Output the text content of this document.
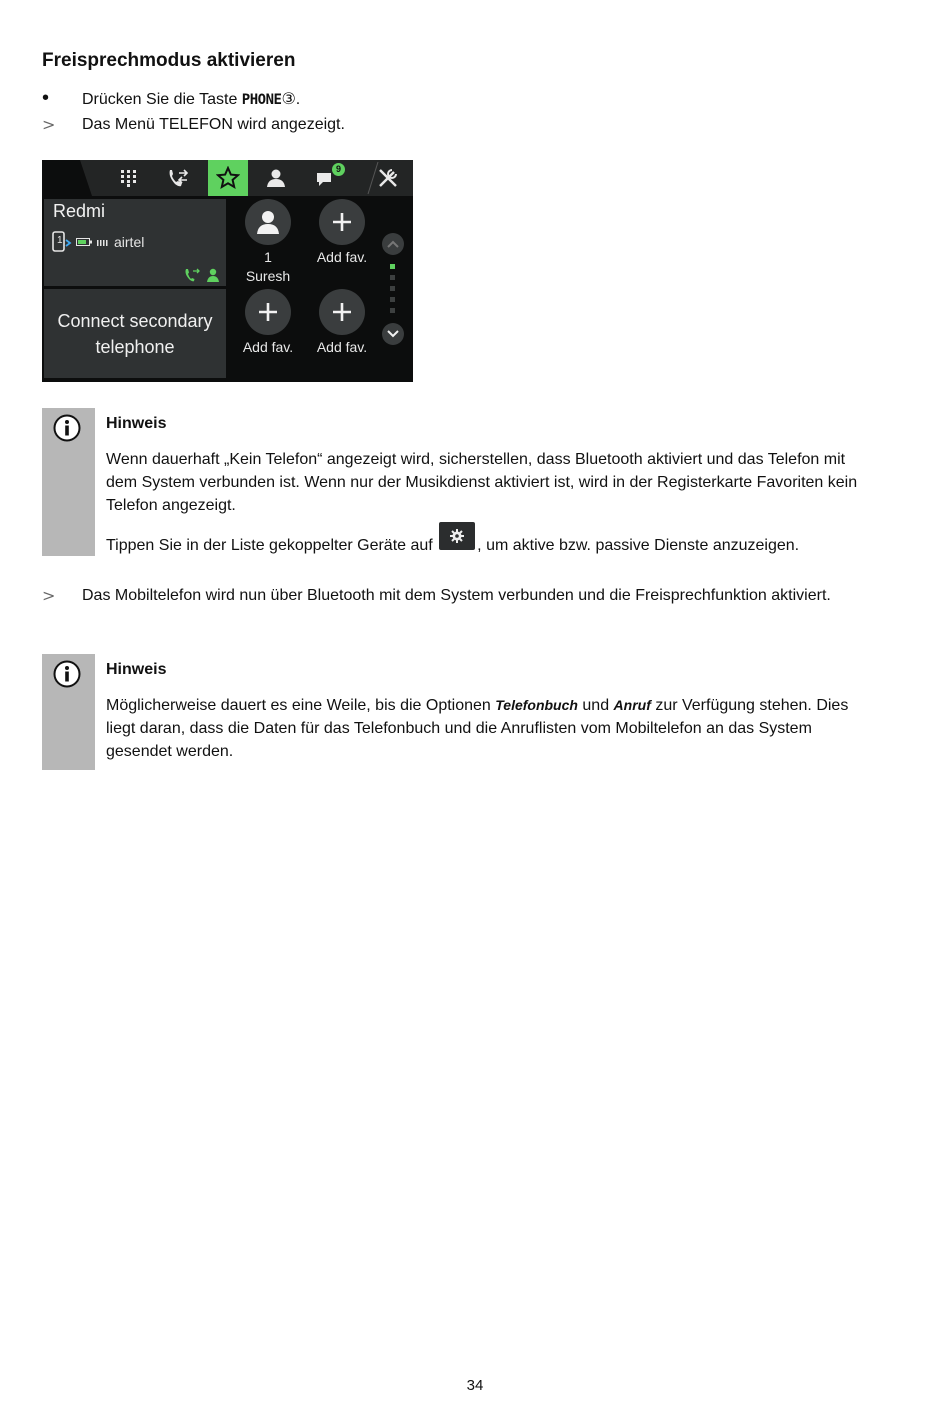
Freisprechmodus aktivieren
•	Drücken Sie die Taste PHONE③.
>	Das Menü TELEFON wird angezeigt.
9
Redmi
airtel
1
Connect secondary telephone
1
Suresh
Add fav.
Add fav.	Add fav.
Hinweis

Wenn dauerhaft „Kein Telefon“ angezeigt wird, sicherstellen, dass Bluetooth aktiviert und das Telefon mit dem System verbunden ist. Wenn nur der Musikdienst aktiviert ist, wird in der Registerkarte Favoriten kein Telefon angezeigt.

Tippen Sie in der Liste gekoppelter Geräte auf	, um aktive bzw. passive Dienste anzuzeigen.

>	Das Mobiltelefon wird nun über Bluetooth mit dem System verbunden und die Freisprechfunktion aktiviert.
Hinweis

Möglicherweise dauert es eine Weile, bis die Optionen Telefonbuch und Anruf zur Verfügung stehen. Dies liegt daran, dass die Daten für das Telefonbuch und die Anruflisten vom Mobiltelefon an das System gesendet werden.

34
